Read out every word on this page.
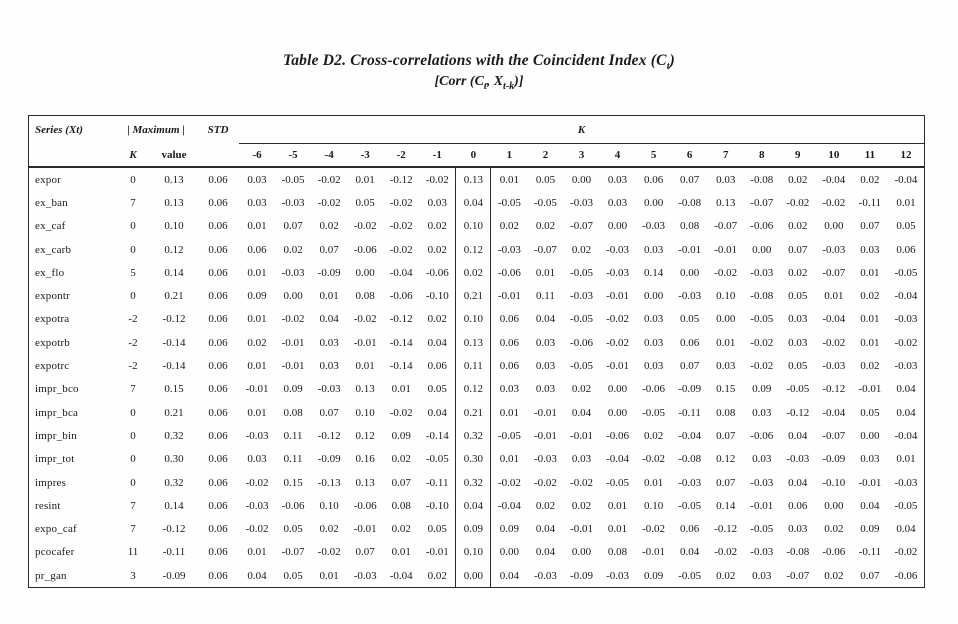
Table D2. Cross-correlations with the Coincident Index $(C_t)$
[Corr ($C_t$, $X_{t-k}$)]
Series (Xt)	| Maximum |	STD	K
K	value	-6	-5	-4	-3	-2	-1	0	1	2	3	4	5	6	7	8	9	10	11	12
expor	0	0.13	0.06	0.03	-0.05	-0.02	0.01	-0.12	-0.02	0.13	0.01	0.05	0.00	0.03	0.06	0.07	0.03	-0.08	0.02	-0.04	0.02	-0.04
ex_ban	7	0.13	0.06	0.03	-0.03	-0.02	0.05	-0.02	0.03	0.04	-0.05	-0.05	-0.03	0.03	0.00	-0.08	0.13	-0.07	-0.02	-0.02	-0.11	0.01
ex_caf	0	0.10	0.06	0.01	0.07	0.02	-0.02	-0.02	0.02	0.10	0.02	0.02	-0.07	0.00	-0.03	0.08	-0.07	-0.06	0.02	0.00	0.07	0.05
ex_carb	0	0.12	0.06	0.06	0.02	0.07	-0.06	-0.02	0.02	0.12	-0.03	-0.07	0.02	-0.03	0.03	-0.01	-0.01	0.00	0.07	-0.03	0.03	0.06
ex_flo	5	0.14	0.06	0.01	-0.03	-0.09	0.00	-0.04	-0.06	0.02	-0.06	0.01	-0.05	-0.03	0.14	0.00	-0.02	-0.03	0.02	-0.07	0.01	-0.05
expontr	0	0.21	0.06	0.09	0.00	0.01	0.08	-0.06	-0.10	0.21	-0.01	0.11	-0.03	-0.01	0.00	-0.03	0.10	-0.08	0.05	0.01	0.02	-0.04
expotra	-2	-0.12	0.06	0.01	-0.02	0.04	-0.02	-0.12	0.02	0.10	0.06	0.04	-0.05	-0.02	0.03	0.05	0.00	-0.05	0.03	-0.04	0.01	-0.03
expotrb	-2	-0.14	0.06	0.02	-0.01	0.03	-0.01	-0.14	0.04	0.13	0.06	0.03	-0.06	-0.02	0.03	0.06	0.01	-0.02	0.03	-0.02	0.01	-0.02
expotrc	-2	-0.14	0.06	0.01	-0.01	0.03	0.01	-0.14	0.06	0.11	0.06	0.03	-0.05	-0.01	0.03	0.07	0.03	-0.02	0.05	-0.03	0.02	-0.03
impr_bco	7	0.15	0.06	-0.01	0.09	-0.03	0.13	0.01	0.05	0.12	0.03	0.03	0.02	0.00	-0.06	-0.09	0.15	0.09	-0.05	-0.12	-0.01	0.04
impr_bca	0	0.21	0.06	0.01	0.08	0.07	0.10	-0.02	0.04	0.21	0.01	-0.01	0.04	0.00	-0.05	-0.11	0.08	0.03	-0.12	-0.04	0.05	0.04
impr_bin	0	0.32	0.06	-0.03	0.11	-0.12	0.12	0.09	-0.14	0.32	-0.05	-0.01	-0.01	-0.06	0.02	-0.04	0.07	-0.06	0.04	-0.07	0.00	-0.04
impr_tot	0	0.30	0.06	0.03	0.11	-0.09	0.16	0.02	-0.05	0.30	0.01	-0.03	0.03	-0.04	-0.02	-0.08	0.12	0.03	-0.03	-0.09	0.03	0.01
impres	0	0.32	0.06	-0.02	0.15	-0.13	0.13	0.07	-0.11	0.32	-0.02	-0.02	-0.02	-0.05	0.01	-0.03	0.07	-0.03	0.04	-0.10	-0.01	-0.03
resint	7	0.14	0.06	-0.03	-0.06	0.10	-0.06	0.08	-0.10	0.04	-0.04	0.02	0.02	0.01	0.10	-0.05	0.14	-0.01	0.06	0.00	0.04	-0.05
expo_caf	7	-0.12	0.06	-0.02	0.05	0.02	-0.01	0.02	0.05	0.09	0.09	0.04	-0.01	0.01	-0.02	0.06	-0.12	-0.05	0.03	0.02	0.09	0.04
pcocafer	11	-0.11	0.06	0.01	-0.07	-0.02	0.07	0.01	-0.01	0.10	0.00	0.04	0.00	0.08	-0.01	0.04	-0.02	-0.03	-0.08	-0.06	-0.11	-0.02
pr_gan	3	-0.09	0.06	0.04	0.05	0.01	-0.03	-0.04	0.02	0.00	0.04	-0.03	-0.09	-0.03	0.09	-0.05	0.02	0.03	-0.07	0.02	0.07	-0.06
